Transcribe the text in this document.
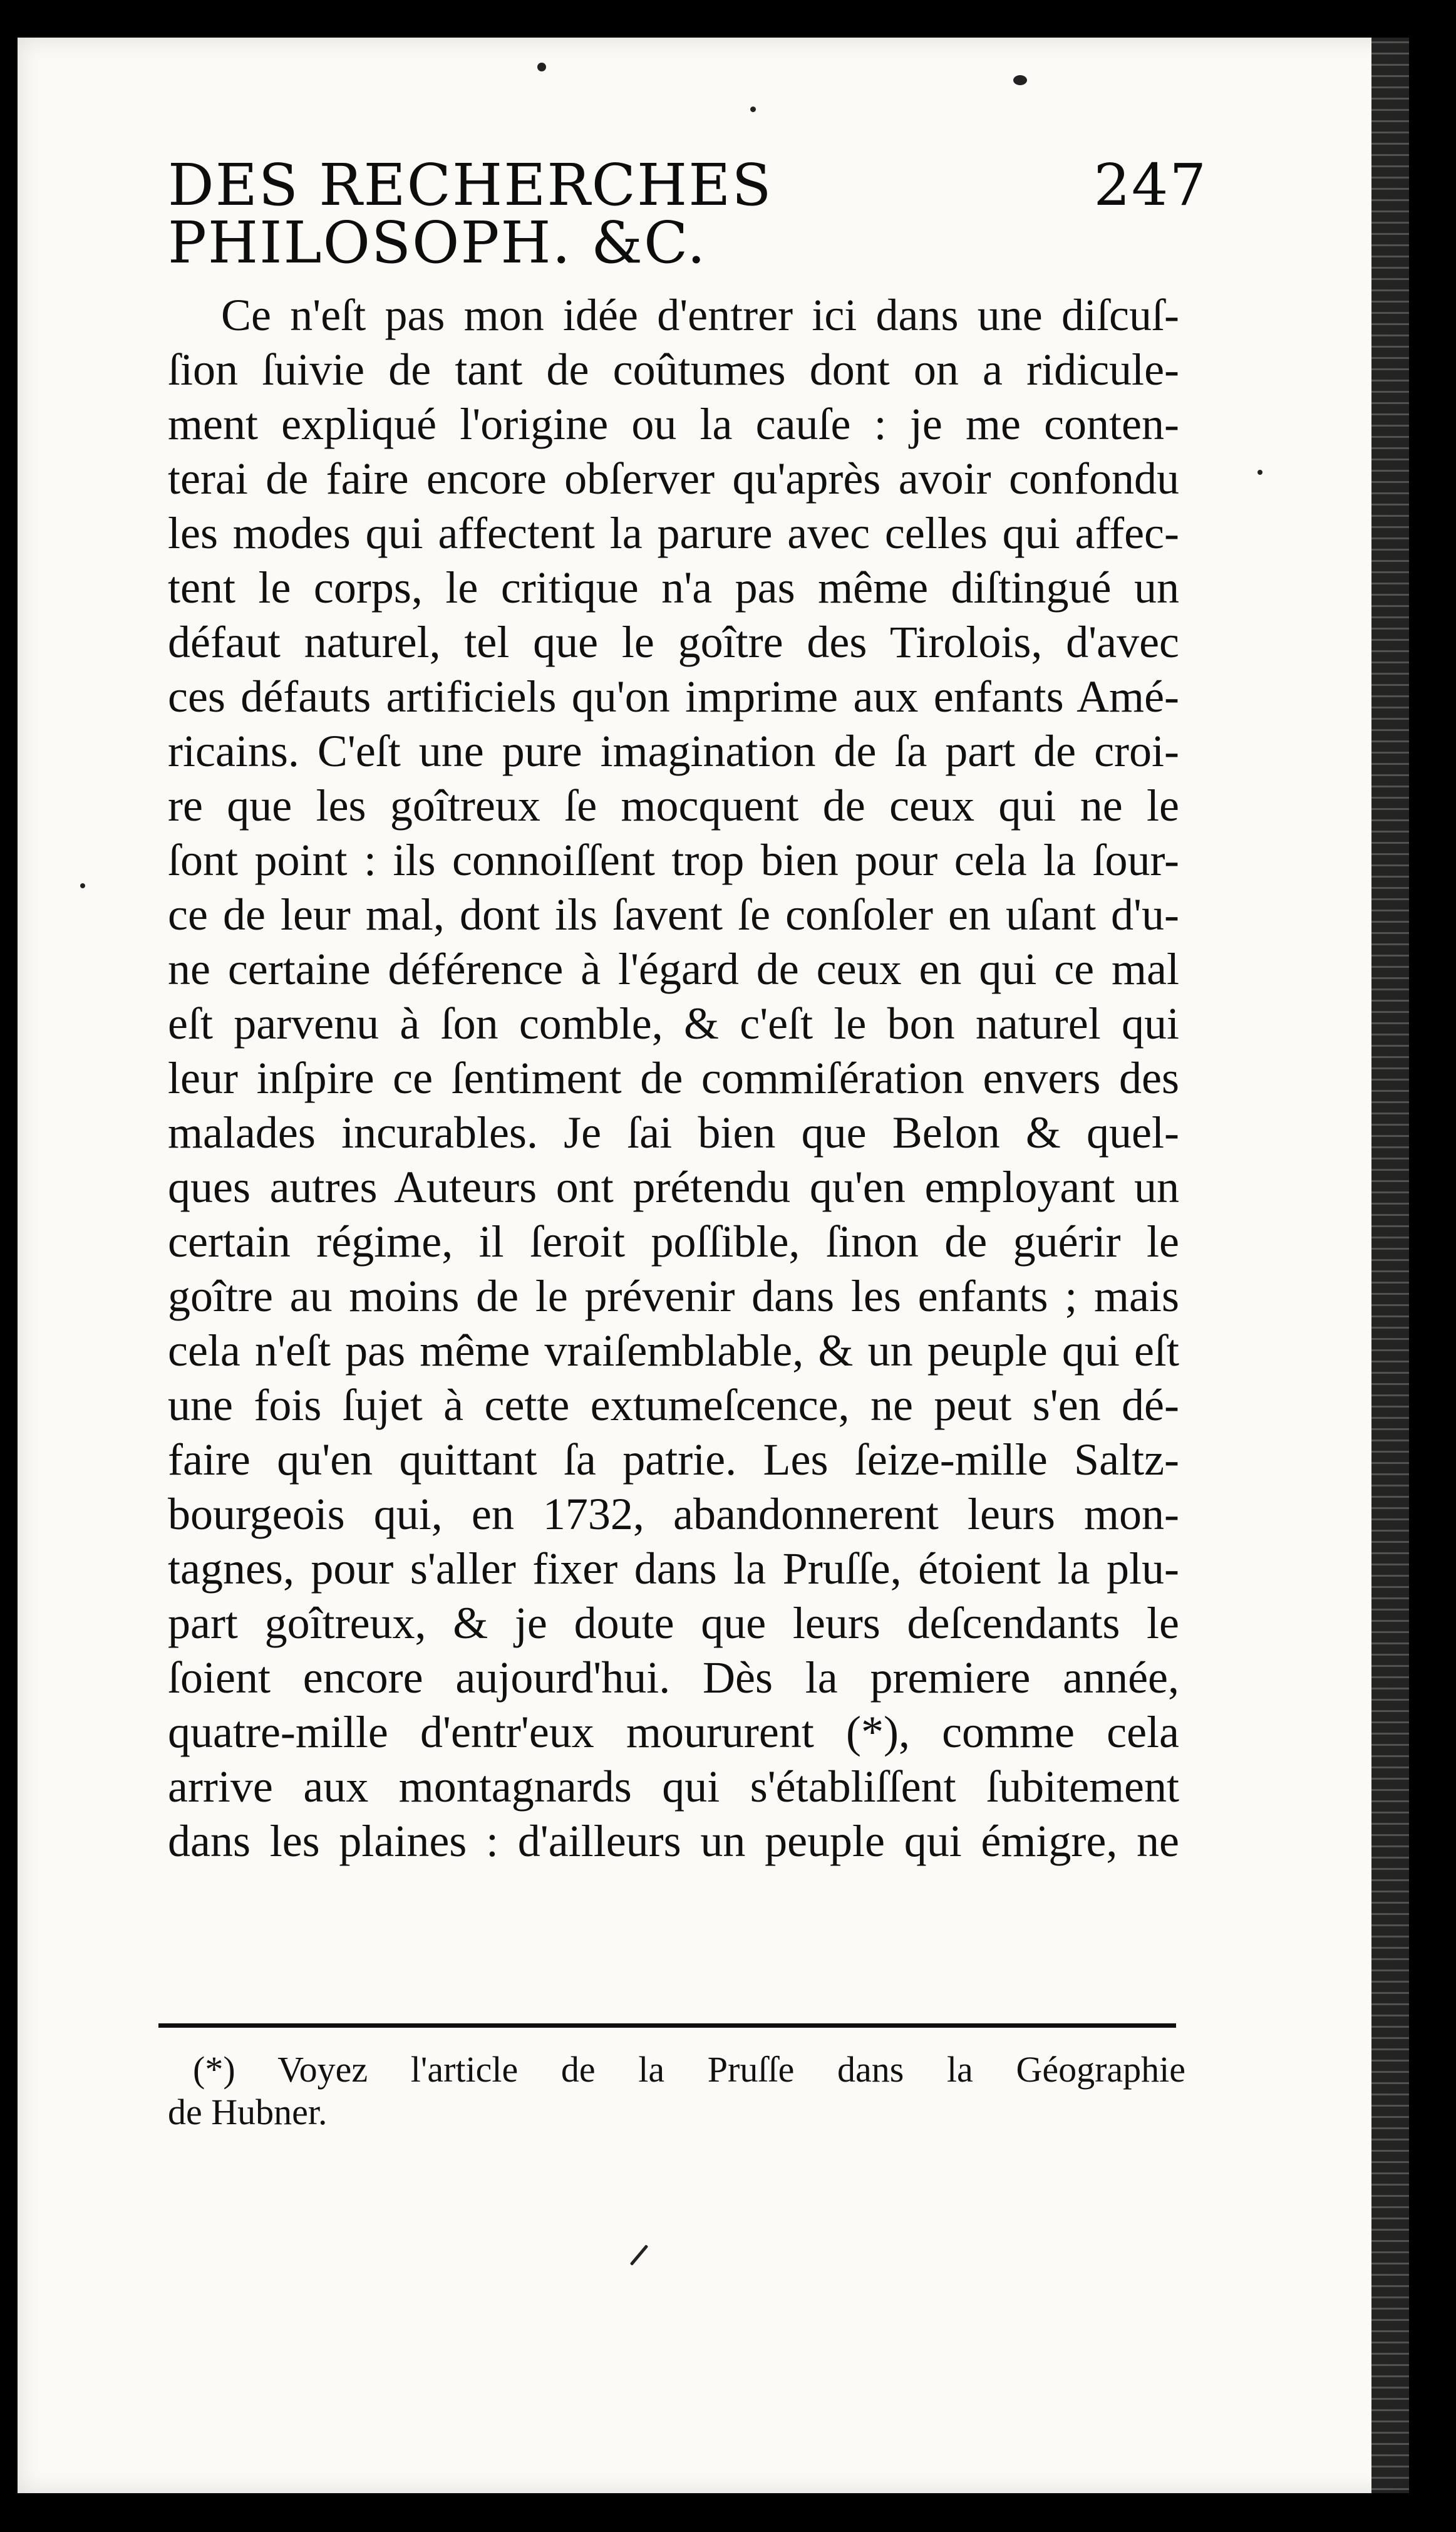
DES RECHERCHES PHILOSOPH. &C.
247
Ce n'eſt pas mon idée d'entrer ici dans une diſcuſ-
ſion ſuivie de tant de coûtumes dont on a ridicule-
ment expliqué l'origine ou la cauſe : je me conten-
terai de faire encore obſerver qu'après avoir confondu
les modes qui affectent la parure avec celles qui affec-
tent le corps, le critique n'a pas même diſtingué un
défaut naturel, tel que le goître des Tirolois, d'avec
ces défauts artificiels qu'on imprime aux enfants Amé-
ricains. C'eſt une pure imagination de ſa part de croi-
re que les goîtreux ſe mocquent de ceux qui ne le
ſont point : ils connoiſſent trop bien pour cela la ſour-
ce de leur mal, dont ils ſavent ſe conſoler en uſant d'u-
ne certaine déférence à l'égard de ceux en qui ce mal
eſt parvenu à ſon comble, & c'eſt le bon naturel qui
leur inſpire ce ſentiment de commiſération envers des
malades incurables. Je ſai bien que Belon & quel-
ques autres Auteurs ont prétendu qu'en employant un
certain régime, il ſeroit poſſible, ſinon de guérir le
goître au moins de le prévenir dans les enfants ; mais
cela n'eſt pas même vraiſemblable, & un peuple qui eſt
une fois ſujet à cette extumeſcence, ne peut s'en dé-
faire qu'en quittant ſa patrie. Les ſeize-mille Saltz-
bourgeois qui, en 1732, abandonnerent leurs mon-
tagnes, pour s'aller fixer dans la Pruſſe, étoient la plu-
part goîtreux, & je doute que leurs deſcendants le
ſoient encore aujourd'hui. Dès la premiere année,
quatre-mille d'entr'eux moururent (*), comme cela
arrive aux montagnards qui s'établiſſent ſubitement
dans les plaines : d'ailleurs un peuple qui émigre, ne
(*) Voyez l'article de la Pruſſe dans la Géographie
de Hubner.
